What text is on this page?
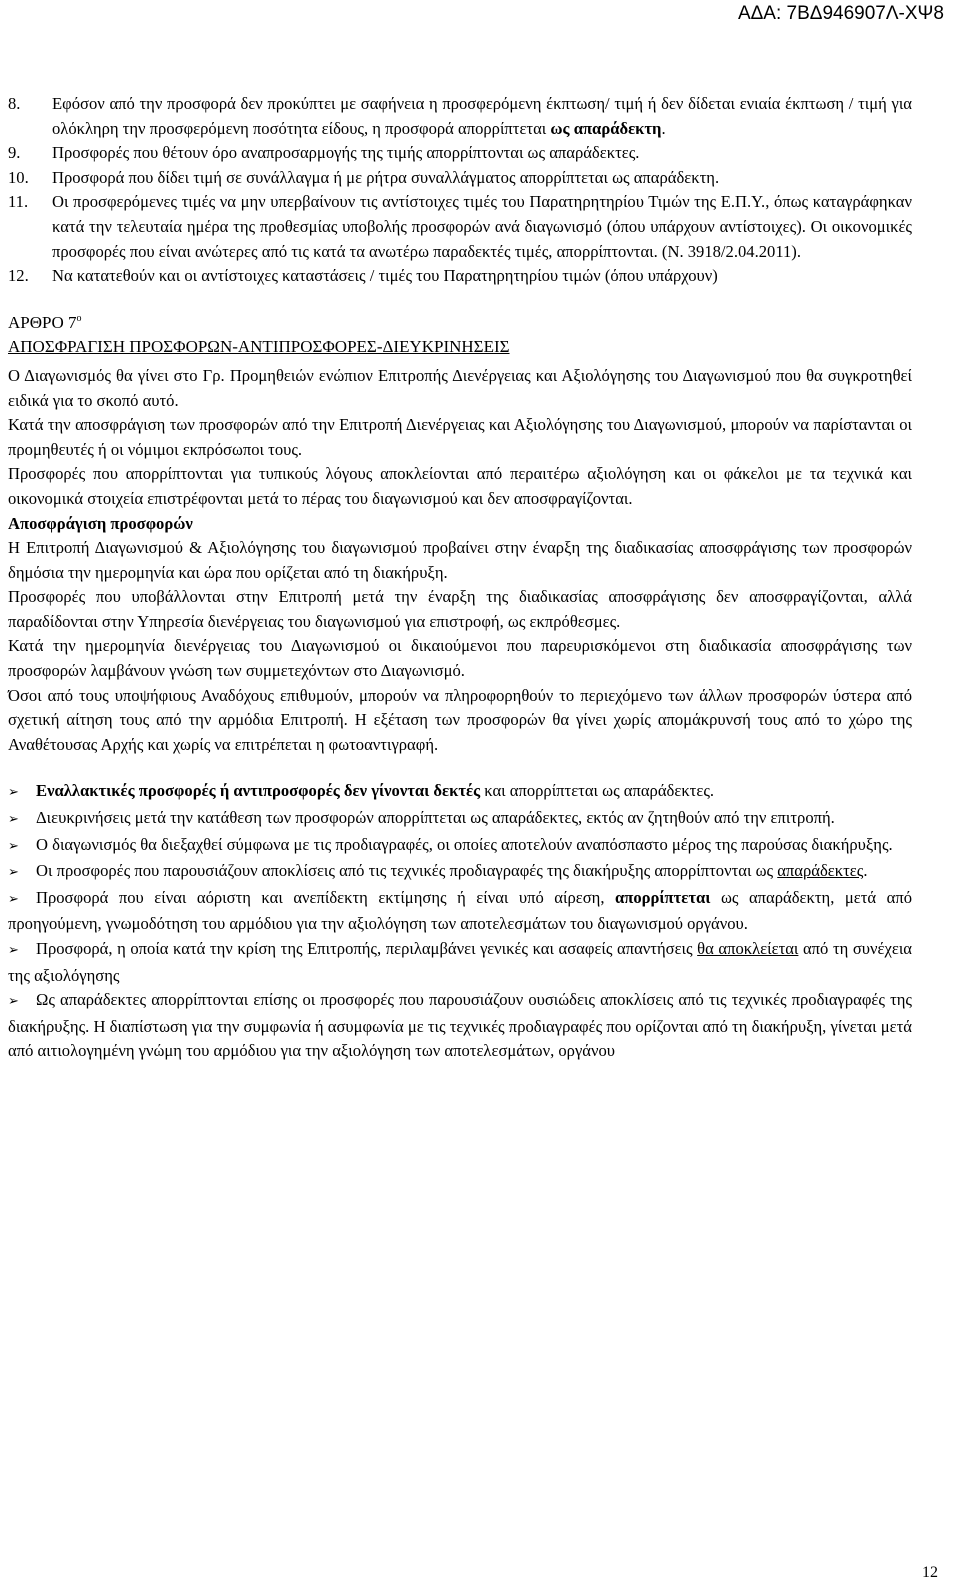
ΑΔΑ: 7ΒΔ946907Λ-ΧΨ8
8.	Εφόσον από την προσφορά δεν προκύπτει με σαφήνεια η προσφερόμενη έκπτωση/ τιμή ή δεν δίδεται ενιαία έκπτωση / τιμή για ολόκληρη την προσφερόμενη ποσότητα είδους, η προσφορά απορρίπτεται ως απαράδεκτη.
9.	Προσφορές που θέτουν όρο αναπροσαρμογής της τιμής απορρίπτονται ως απαράδεκτες.
10.	Προσφορά που δίδει τιμή σε συνάλλαγμα ή με ρήτρα συναλλάγματος απορρίπτεται ως απαράδεκτη.
11.	Οι προσφερόμενες τιμές να μην υπερβαίνουν τις αντίστοιχες τιμές του Παρατηρητηρίου Τιμών της Ε.Π.Υ., όπως καταγράφηκαν κατά την τελευταία ημέρα της προθεσμίας υποβολής προσφορών ανά διαγωνισμό (όπου υπάρχουν αντίστοιχες). Οι οικονομικές προσφορές που είναι ανώτερες από τις κατά τα ανωτέρω παραδεκτές τιμές, απορρίπτονται. (Ν. 3918/2.04.2011).
12.	Να κατατεθούν και οι αντίστοιχες καταστάσεις / τιμές του Παρατηρητηρίου τιμών (όπου υπάρχουν)

ΑΡΘΡΟ $7^o$

ΑΠΟΣΦΡΑΓΙΣΗ ΠΡΟΣΦΟΡΩΝ-ΑΝΤΙΠΡΟΣΦΟΡΕΣ-ΔΙΕΥΚΡΙΝΗΣΕΙΣ

Ο Διαγωνισμός θα γίνει στο Γρ. Προμηθειών ενώπιον Επιτροπής Διενέργειας και Αξιολόγησης του Διαγωνισμού που θα συγκροτηθεί ειδικά για το σκοπό αυτό.

Κατά την αποσφράγιση των προσφορών από την Επιτροπή Διενέργειας και Αξιολόγησης του Διαγωνισμού, μπορούν να παρίστανται οι προμηθευτές ή οι νόμιμοι εκπρόσωποι τους.

Προσφορές που απορρίπτονται για τυπικούς λόγους αποκλείονται από περαιτέρω αξιολόγηση και οι φάκελοι με τα τεχνικά και οικονομικά στοιχεία επιστρέφονται μετά το πέρας του διαγωνισμού και δεν αποσφραγίζονται.

Αποσφράγιση προσφορών

Η Επιτροπή Διαγωνισμού & Αξιολόγησης του διαγωνισμού προβαίνει στην έναρξη της διαδικασίας αποσφράγισης των προσφορών δημόσια την ημερομηνία και ώρα που ορίζεται από τη διακήρυξη.

Προσφορές που υποβάλλονται στην Επιτροπή μετά την έναρξη της διαδικασίας αποσφράγισης δεν αποσφραγίζονται, αλλά παραδίδονται στην Υπηρεσία διενέργειας του διαγωνισμού για επιστροφή, ως εκπρόθεσμες.

Κατά την ημερομηνία διενέργειας του Διαγωνισμού οι δικαιούμενοι που παρευρισκόμενοι στη διαδικασία αποσφράγισης των προσφορών λαμβάνουν γνώση των συμμετεχόντων στο Διαγωνισμό.

Όσοι από τους υποψήφιους Αναδόχους επιθυμούν, μπορούν να πληροφορηθούν το περιεχόμενο των άλλων προσφορών ύστερα από σχετική αίτηση τους από την αρμόδια Επιτροπή. Η εξέταση των προσφορών θα γίνει χωρίς απομάκρυνσή τους από το χώρο της Αναθέτουσας Αρχής και χωρίς να επιτρέπεται η φωτοαντιγραφή.

➢ Εναλλακτικές προσφορές ή αντιπροσφορές δεν γίνονται δεκτές και απορρίπτεται ως απαράδεκτες.

➢ Διευκρινήσεις μετά την κατάθεση των προσφορών απορρίπτεται ως απαράδεκτες, εκτός αν ζητηθούν από την επιτροπή.

➢ Ο διαγωνισμός θα διεξαχθεί σύμφωνα με τις προδιαγραφές, οι οποίες αποτελούν αναπόσπαστο μέρος της παρούσας διακήρυξης.

➢ Οι προσφορές που παρουσιάζουν αποκλίσεις από τις τεχνικές προδιαγραφές της διακήρυξης απορρίπτονται ως απαράδεκτες.

➢ Προσφορά που είναι αόριστη και ανεπίδεκτη εκτίμησης ή είναι υπό αίρεση, απορρίπτεται ως απαράδεκτη, μετά από προηγούμενη, γνωμοδότηση του αρμόδιου για την αξιολόγηση των αποτελεσμάτων του διαγωνισμού οργάνου.

➢ Προσφορά, η οποία κατά την κρίση της Επιτροπής, περιλαμβάνει γενικές και ασαφείς απαντήσεις θα αποκλείεται από τη συνέχεια της αξιολόγησης

➢ Ως απαράδεκτες απορρίπτονται επίσης οι προσφορές που παρουσιάζουν ουσιώδεις αποκλίσεις από τις τεχνικές προδιαγραφές της διακήρυξης. Η διαπίστωση για την συμφωνία ή ασυμφωνία με τις τεχνικές προδιαγραφές που ορίζονται από τη διακήρυξη, γίνεται μετά από αιτιολογημένη γνώμη του αρμόδιου για την αξιολόγηση των αποτελεσμάτων, οργάνου

12
